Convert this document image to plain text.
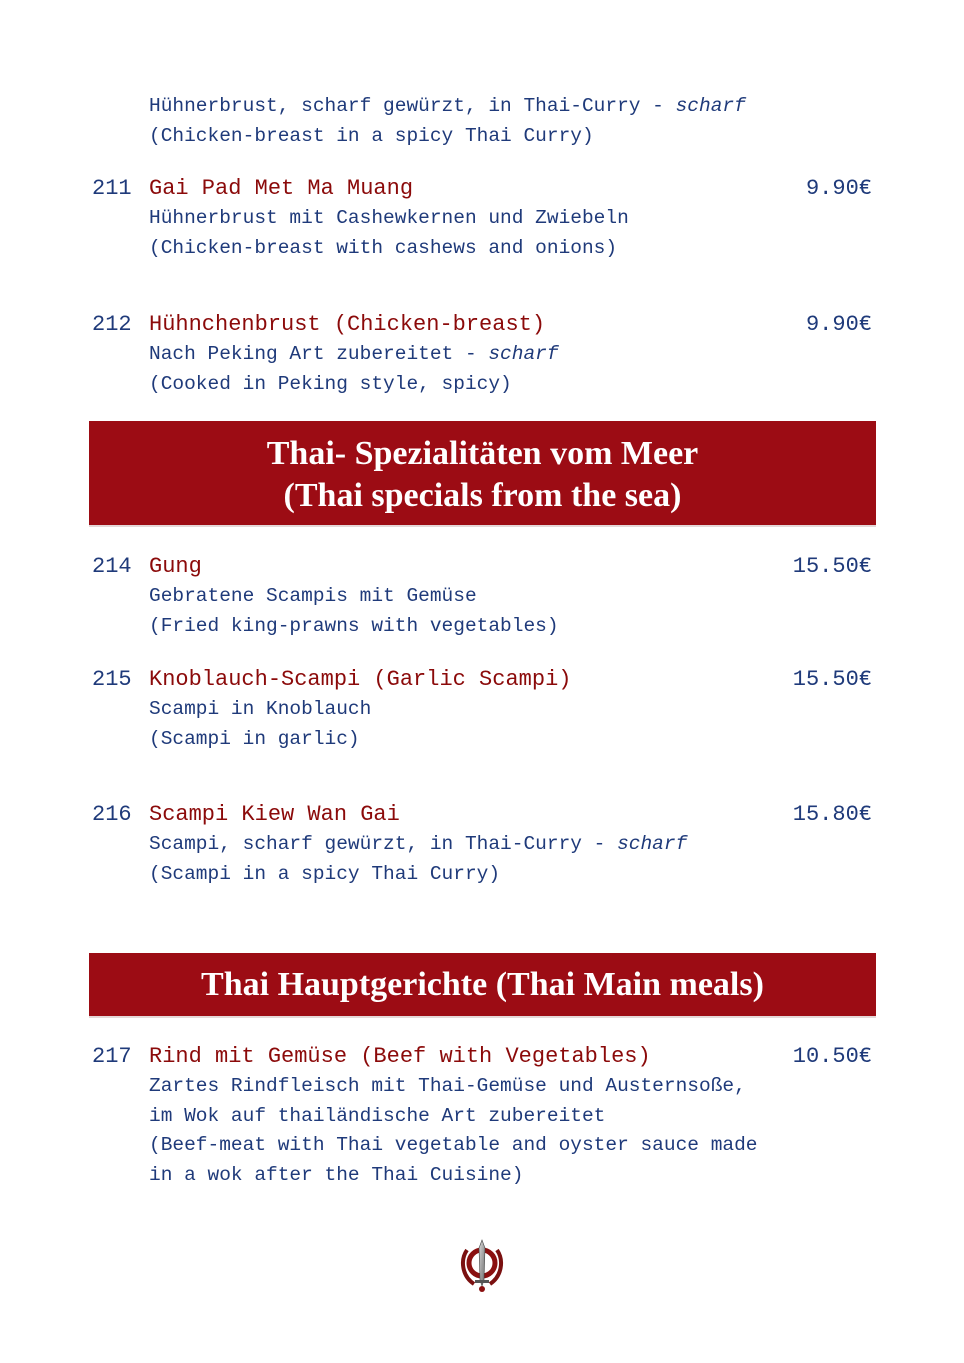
Hühnerbrust, scharf gewürzt, in Thai-Curry - scharf
(Chicken-breast in a spicy Thai Curry)
211 Gai Pad Met Ma Muang	9.90€
Hühnerbrust mit Cashewkernen und Zwiebeln
(Chicken-breast with cashews and onions)
212 Hühnchenbrust (Chicken-breast)	9.90€
Nach Peking Art zubereitet - scharf
(Cooked in Peking style, spicy)
Thai- Spezialitäten vom Meer
(Thai specials from the sea)
214 Gung	15.50€
Gebratene Scampis mit Gemüse
(Fried king-prawns with vegetables)
215 Knoblauch-Scampi (Garlic Scampi)	15.50€
Scampi in Knoblauch
(Scampi in garlic)
216 Scampi Kiew Wan Gai	15.80€
Scampi, scharf gewürzt, in Thai-Curry - scharf
(Scampi in a spicy Thai Curry)
Thai Hauptgerichte (Thai Main meals)
217 Rind mit Gemüse (Beef with Vegetables)	10.50€
Zartes Rindfleisch mit Thai-Gemüse und Austernsoße,
im Wok auf thailändische Art zubereitet
(Beef-meat with Thai vegetable and oyster sauce made
in a wok after the Thai Cuisine)
